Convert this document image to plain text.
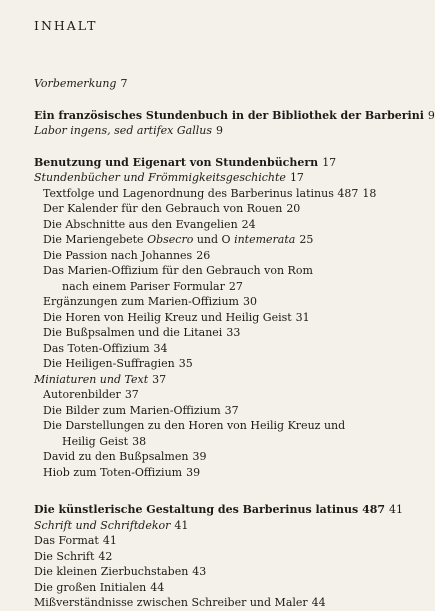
INHALT
Vorbemerkung 7
Ein französisches Stundenbuch in der Bibliothek der Barberini 9
Labor ingens, sed artifex Gallus 9
Benutzung und Eigenart von Stundenbüchern 17
Stundenbücher und Frömmigkeitsgeschichte 17
Textfolge und Lagenordnung des Barberinus latinus 487 18
Der Kalender für den Gebrauch von Rouen 20
Die Abschnitte aus den Evangelien 24
Die Mariengebete Obsecro und O intemerata 25
Die Passion nach Johannes 26
Das Marien-Offizium für den Gebrauch von Rom
nach einem Pariser Formular 27
Ergänzungen zum Marien-Offizium 30
Die Horen von Heilig Kreuz und Heilig Geist 31
Die Bußpsalmen und die Litanei 33
Das Toten-Offizium 34
Die Heiligen-Suffragien 35
Miniaturen und Text 37
Autorenbilder 37
Die Bilder zum Marien-Offizium 37
Die Darstellungen zu den Horen von Heilig Kreuz und
Heilig Geist 38
David zu den Bußpsalmen 39
Hiob zum Toten-Offizium 39
Die künstlerische Gestaltung des Barberinus latinus 487 41
Schrift und Schriftdekor 41
Das Format 41
Die Schrift 42
Die kleinen Zierbuchstaben 43
Die großen Initialen 44
Mißverständnisse zwischen Schreiber und Maler 44
